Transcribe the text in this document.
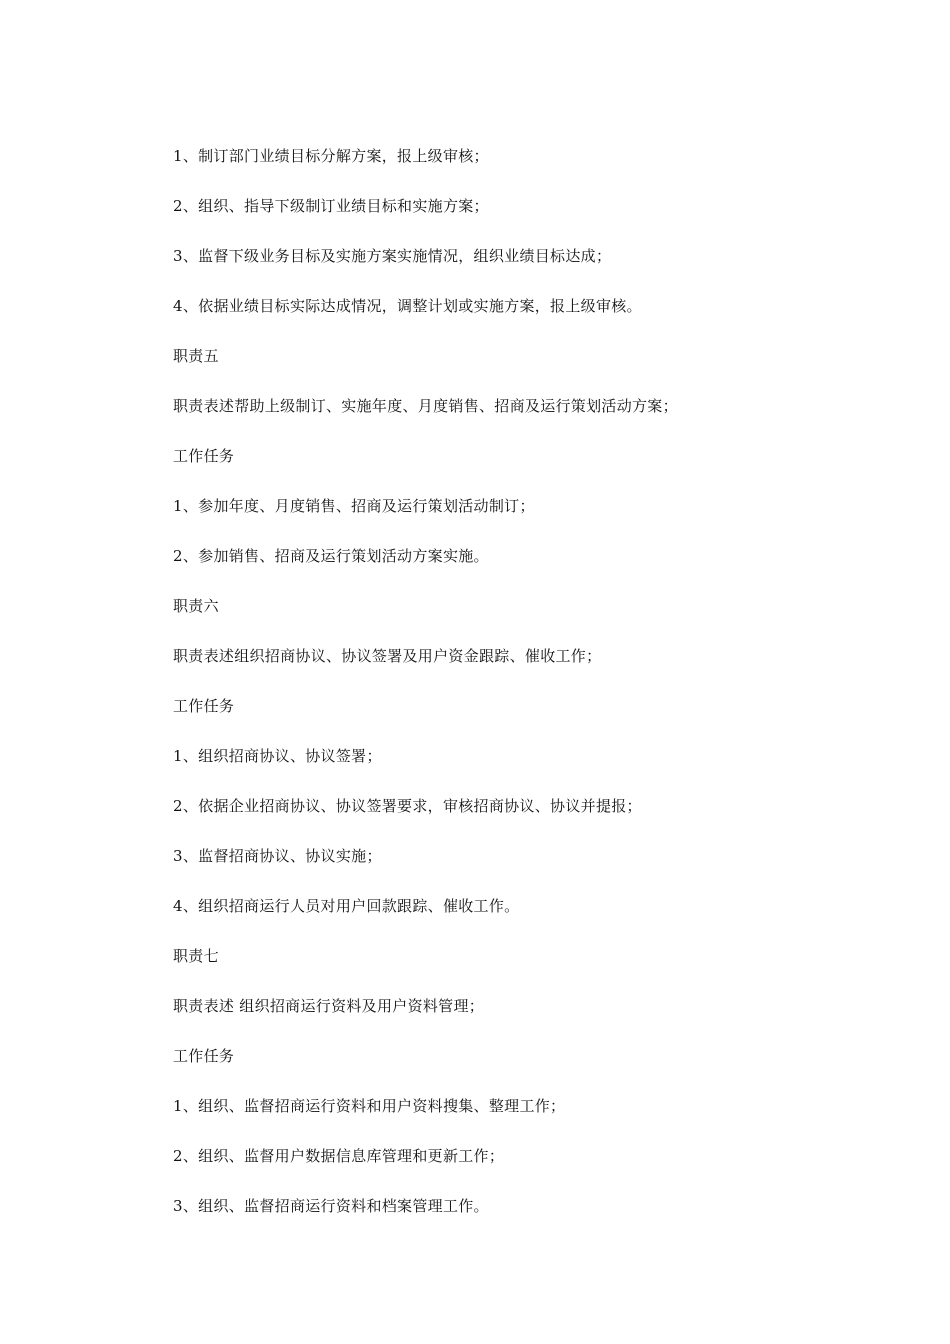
1、制订部门业绩目标分解方案，报上级审核；

2、组织、指导下级制订业绩目标和实施方案；

3、监督下级业务目标及实施方案实施情况，组织业绩目标达成；

4、依据业绩目标实际达成情况，调整计划或实施方案，报上级审核。

职责五

职责表述帮助上级制订、实施年度、月度销售、招商及运行策划活动方案；

工作任务

1、参加年度、月度销售、招商及运行策划活动制订；

2、参加销售、招商及运行策划活动方案实施。

职责六

职责表述组织招商协议、协议签署及用户资金跟踪、催收工作；

工作任务

1、组织招商协议、协议签署；

2、依据企业招商协议、协议签署要求，审核招商协议、协议并提报；

3、监督招商协议、协议实施；

4、组织招商运行人员对用户回款跟踪、催收工作。

职责七

职责表述 组织招商运行资料及用户资料管理；

工作任务

1、组织、监督招商运行资料和用户资料搜集、整理工作；

2、组织、监督用户数据信息库管理和更新工作；

3、组织、监督招商运行资料和档案管理工作。
